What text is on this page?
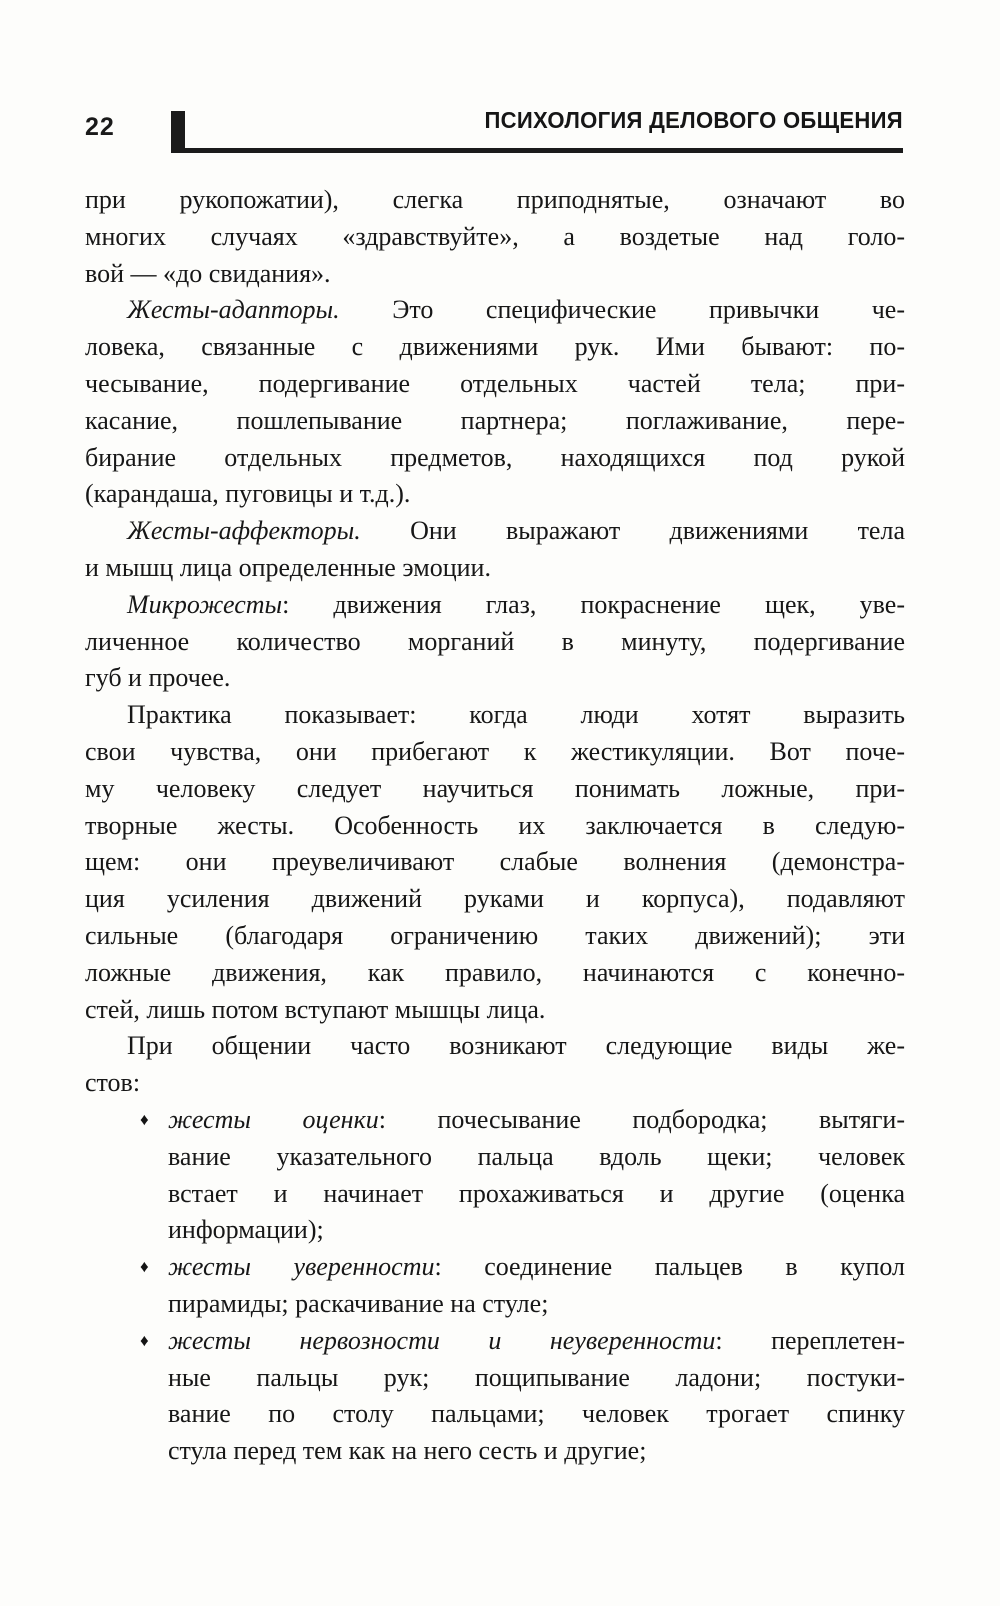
22	ПСИХОЛОГИЯ ДЕЛОВОГО ОБЩЕНИЯ
при рукопожатии), слегка приподнятые, означают во
многих случаях «здравствуйте», а воздетые над голо-
вой — «до свидания».
Жесты-адапторы. Это специфические привычки че-
ловека, связанные с движениями рук. Ими бывают: по-
чесывание, подергивание отдельных частей тела; при-
касание, пошлепывание партнера; поглаживание, пере-
бирание отдельных предметов, находящихся под рукой
(карандаша, пуговицы и т.д.).
Жесты-аффекторы. Они выражают движениями тела
и мышц лица определенные эмоции.
Микрожесты: движения глаз, покраснение щек, уве-
личенное количество морганий в минуту, подергивание
губ и прочее.
Практика показывает: когда люди хотят выразить
свои чувства, они прибегают к жестикуляции. Вот поче-
му человеку следует научиться понимать ложные, при-
творные жесты. Особенность их заключается в следую-
щем: они преувеличивают слабые волнения (демонстра-
ция усиления движений руками и корпуса), подавляют
сильные (благодаря ограничению таких движений); эти
ложные движения, как правило, начинаются с конечно-
стей, лишь потом вступают мышцы лица.
При общении часто возникают следующие виды же-
стов:
♦ жесты оценки: почесывание подбородка; вытяги-
вание указательного пальца вдоль щеки; человек
встает и начинает прохаживаться и другие (оценка
информации);
♦ жесты уверенности: соединение пальцев в купол
пирамиды; раскачивание на стуле;
♦ жесты нервозности и неуверенности: переплетен-
ные пальцы рук; пощипывание ладони; постуки-
вание по столу пальцами; человек трогает спинку
стула перед тем как на него сесть и другие;
